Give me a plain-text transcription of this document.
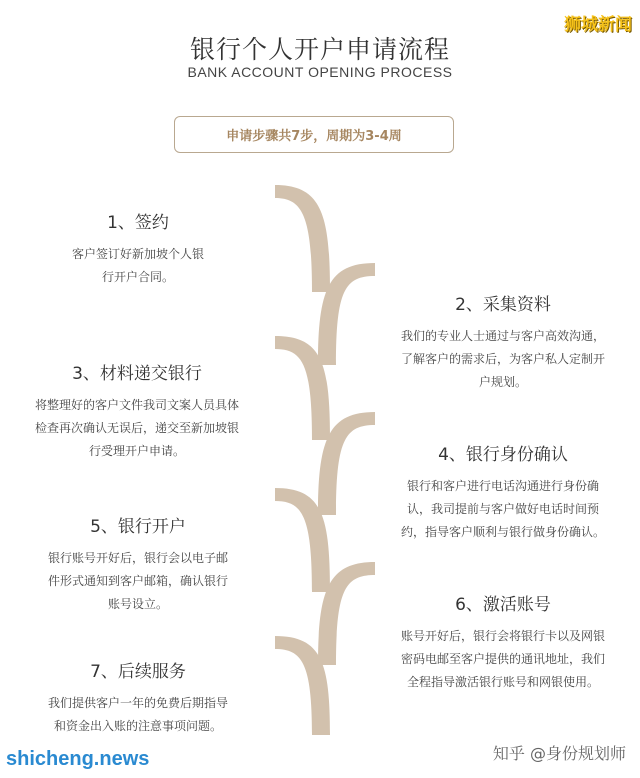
银行个人开户申请流程
BANK ACCOUNT OPENING PROCESS
申请步骤共7步，周期为3-4周
狮城新闻
1、签约
客户签订好新加坡个人银
行开户合同。
2、采集资料
我们的专业人士通过与客户高效沟通，
了解客户的需求后，为客户私人定制开
户规划。
3、材料递交银行
将整理好的客户文件我司文案人员具体
检查再次确认无误后，递交至新加坡银
行受理开户申请。	4、银行身份确认
银行和客户进行电话沟通进行身份确
认，我司提前与客户做好电话时间预
约，指导客户顺利与银行做身份确认。
5、银行开户
银行账号开好后，银行会以电子邮
件形式通知到客户邮箱，确认银行
账号设立。	6、激活账号
账号开好后，银行会将银行卡以及网银
密码电邮至客户提供的通讯地址，我们
全程指导激活银行账号和网银使用。
7、后续服务
我们提供客户一年的免费后期指导
和资金出入账的注意事项问题。
shicheng.news	知乎 @身份规划师
